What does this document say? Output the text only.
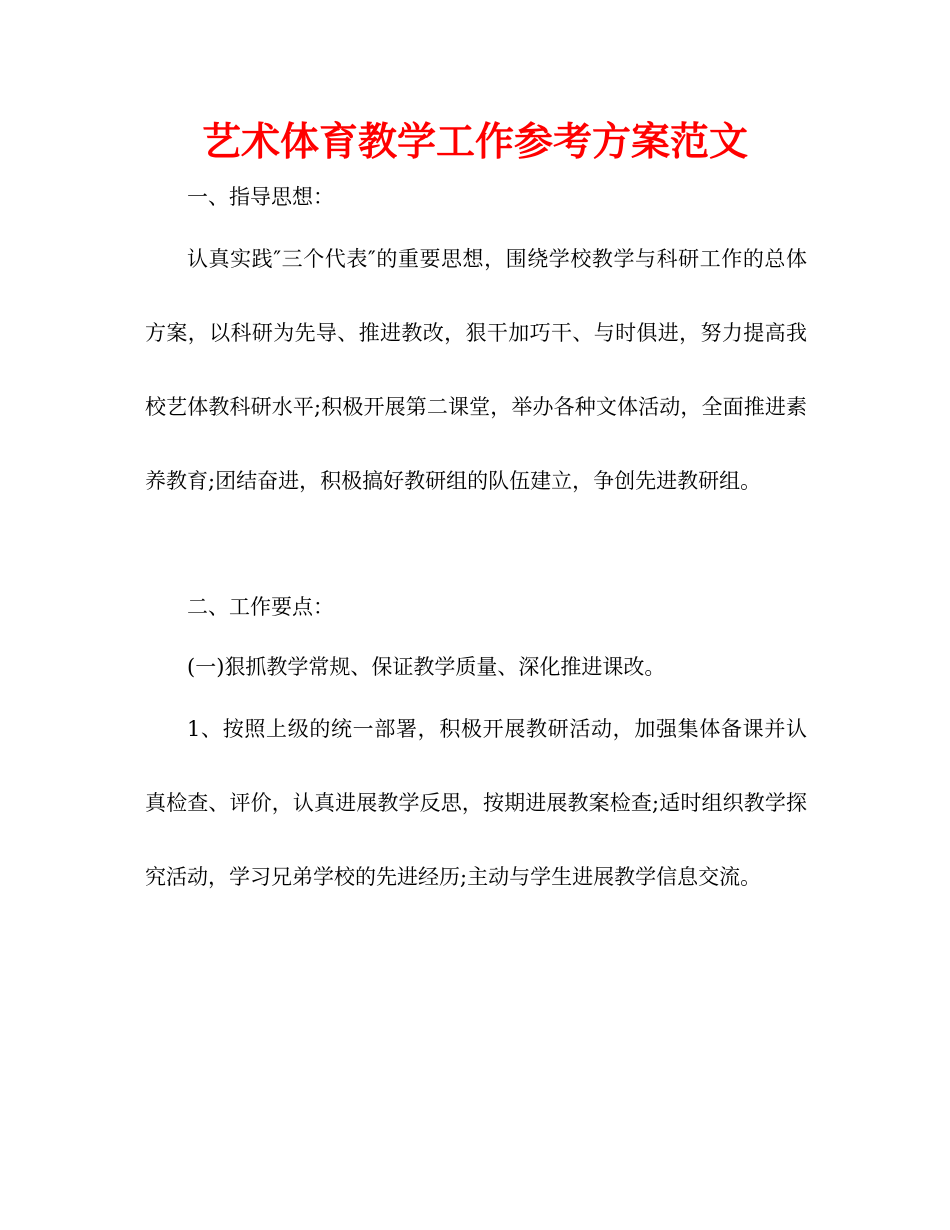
艺术体育教学工作参考方案范文
一、指导思想：
认真实践″三个代表″的重要思想，围绕学校教学与科研工作的总体方案，以科研为先导、推进教改，狠干加巧干、与时俱进，努力提高我校艺体教科研水平;积极开展第二课堂，举办各种文体活动，全面推进素养教育;团结奋进，积极搞好教研组的队伍建立，争创先进教研组。
二、工作要点：
(一)狠抓教学常规、保证教学质量、深化推进课改。
1、按照上级的统一部署，积极开展教研活动，加强集体备课并认真检查、评价，认真进展教学反思，按期进展教案检查;适时组织教学探究活动，学习兄弟学校的先进经历;主动与学生进展教学信息交流。
